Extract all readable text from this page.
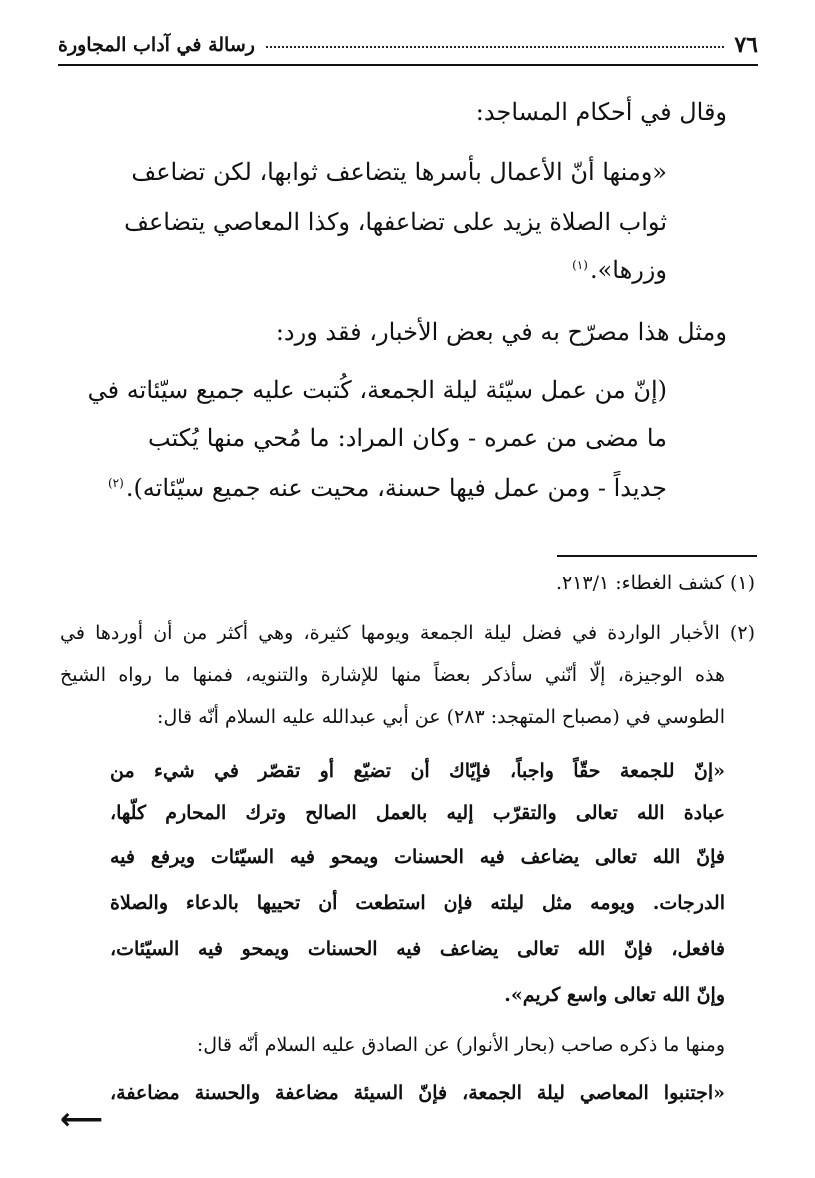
٧٦
رسالة في آداب المجاورة
وقال في أحكام المساجد:
«ومنها أنّ الأعمال بأسرها يتضاعف ثوابها، لكن تضاعف
ثواب الصلاة يزيد على تضاعفها، وكذا المعاصي يتضاعف
وزرها».$^{(١)}$
ومثل هذا مصرّح به في بعض الأخبار، فقد ورد:
(إنّ من عمل سيّئة ليلة الجمعة، كُتبت عليه جميع سيّئاته في
ما مضى من عمره - وكان المراد: ما مُحي منها يُكتب
جديداً - ومن عمل فيها حسنة، محيت عنه جميع سيّئاته).$^{(٢)}$
(١) كشف الغطاء: ٢١٣/١.
(٢) الأخبار الواردة في فضل ليلة الجمعة ويومها كثيرة، وهي أكثر من أن أوردها في
هذه الوجيزة، إلّا أنّني سأذكر بعضاً منها للإشارة والتنويه، فمنها ما رواه الشيخ
الطوسي في (مصباح المتهجد: ٢٨٣) عن أبي عبدالله عليه السلام أنّه قال:
«إنّ للجمعة حقّاً واجباً، فإيّاك أن تضيّع أو تقصّر في شيء من
عبادة الله تعالى والتقرّب إليه بالعمل الصالح وترك المحارم كلّها،
فإنّ الله تعالى يضاعف فيه الحسنات ويمحو فيه السيّئات ويرفع فيه
الدرجات. ويومه مثل ليلته فإن استطعت أن تحييها بالدعاء والصلاة
فافعل، فإنّ الله تعالى يضاعف فيه الحسنات ويمحو فيه السيّئات،
وإنّ الله تعالى واسع كريم».
ومنها ما ذكره صاحب (بحار الأنوار) عن الصادق عليه السلام أنّه قال:
«اجتنبوا المعاصي ليلة الجمعة، فإنّ السيئة مضاعفة والحسنة مضاعفة،
⟵
